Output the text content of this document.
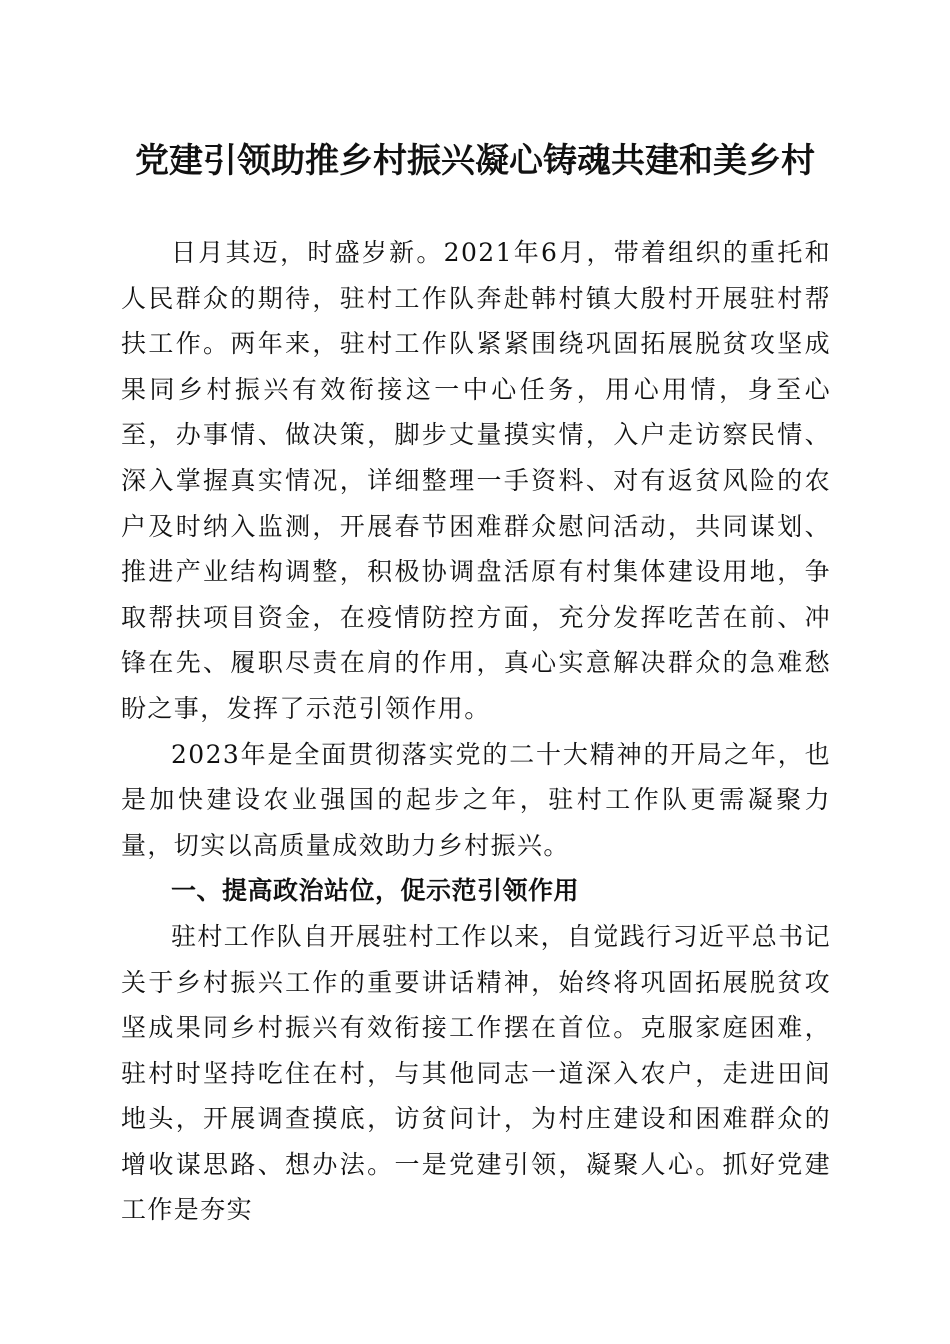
党建引领助推乡村振兴凝心铸魂共建和美乡村

日月其迈，时盛岁新。2021年6月，带着组织的重托和人民群众的期待，驻村工作队奔赴韩村镇大殷村开展驻村帮扶工作。两年来，驻村工作队紧紧围绕巩固拓展脱贫攻坚成果同乡村振兴有效衔接这一中心任务，用心用情，身至心至，办事情、做决策，脚步丈量摸实情，入户走访察民情、深入掌握真实情况，详细整理一手资料、对有返贫风险的农户及时纳入监测，开展春节困难群众慰问活动，共同谋划、推进产业结构调整，积极协调盘活原有村集体建设用地，争取帮扶项目资金，在疫情防控方面，充分发挥吃苦在前、冲锋在先、履职尽责在肩的作用，真心实意解决群众的急难愁盼之事，发挥了示范引领作用。

2023年是全面贯彻落实党的二十大精神的开局之年，也是加快建设农业强国的起步之年，驻村工作队更需凝聚力量，切实以高质量成效助力乡村振兴。

一、提高政治站位，促示范引领作用

驻村工作队自开展驻村工作以来，自觉践行习近平总书记关于乡村振兴工作的重要讲话精神，始终将巩固拓展脱贫攻坚成果同乡村振兴有效衔接工作摆在首位。克服家庭困难，驻村时坚持吃住在村，与其他同志一道深入农户，走进田间地头，开展调查摸底，访贫问计，为村庄建设和困难群众的增收谋思路、想办法。一是党建引领，凝聚人心。抓好党建工作是夯实
